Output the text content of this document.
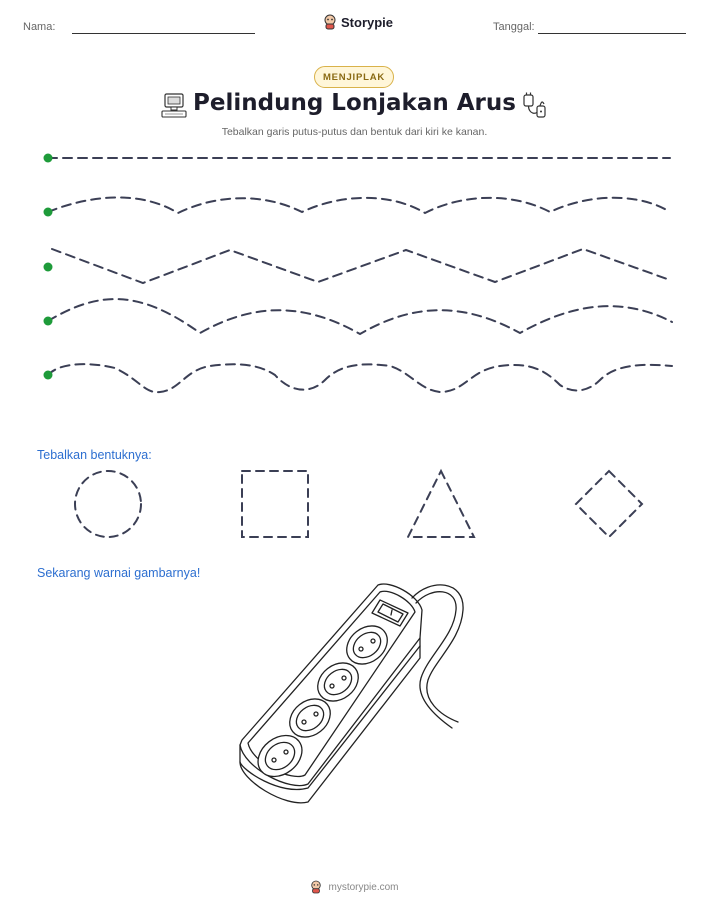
Nama:	Storypie	Tanggal:
MENJIPLAK
Pelindung Lonjakan Arus
Tebalkan garis putus-putus dan bentuk dari kiri ke kanan.
Tebalkan bentuknya:
Sekarang warnai gambarnya!
mystorypie.com
